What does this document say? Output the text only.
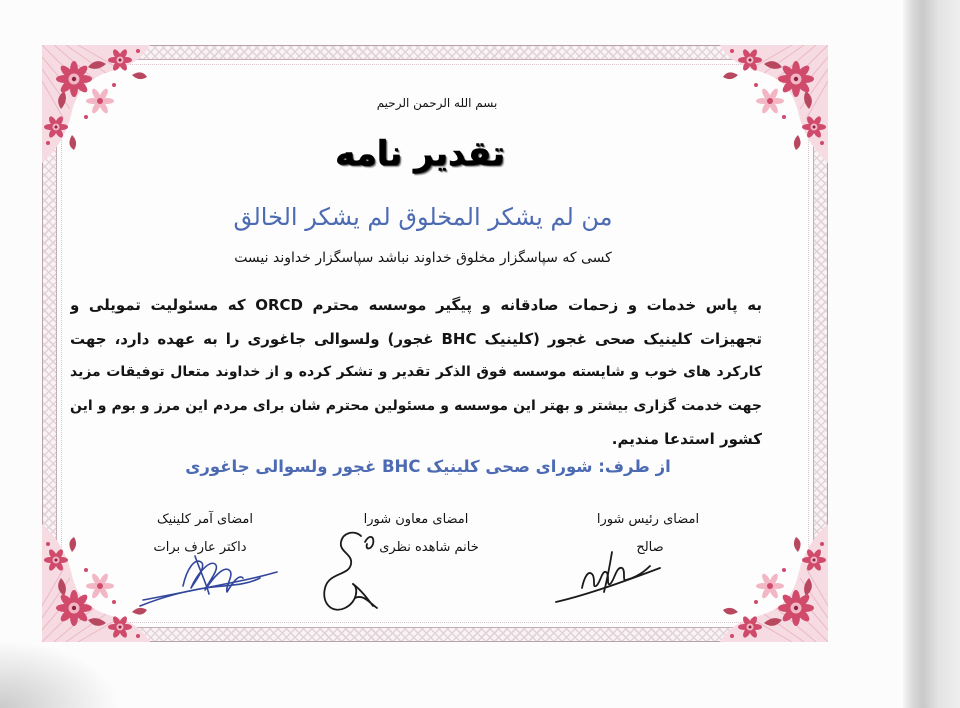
بسم الله الرحمن الرحیم
تقدیر نامه
من لم یشکر المخلوق لم یشکر الخالق
کسی که سپاسگزار مخلوق خداوند نباشد سپاسگزار خداوند نیست
به پاس خدمات و زحمات صادقانه و پیگیر موسسه محترم ORCD که مسئولیت تمویلی و
تجهیزات کلینیک صحی غجور (کلینیک BHC غجور) ولسوالی جاغوری را به عهده دارد، جهت
کارکرد های خوب و شایسته موسسه فوق الذکر تقدیر و تشکر کرده و از خداوند متعال توفیقات مزید
جهت خدمت گزاری بیشتر و بهتر این موسسه و مسئولین محترم شان برای مردم این مرز و بوم و این
کشور استدعا مندیم.
از طرف: شورای صحی کلینیک BHC غجور ولسوالی جاغوری
امضای رئیس شورا
صالح
امضای معاون شورا
خانم شاهده نظری
امضای آمر کلینیک
داکتر عارف برات
